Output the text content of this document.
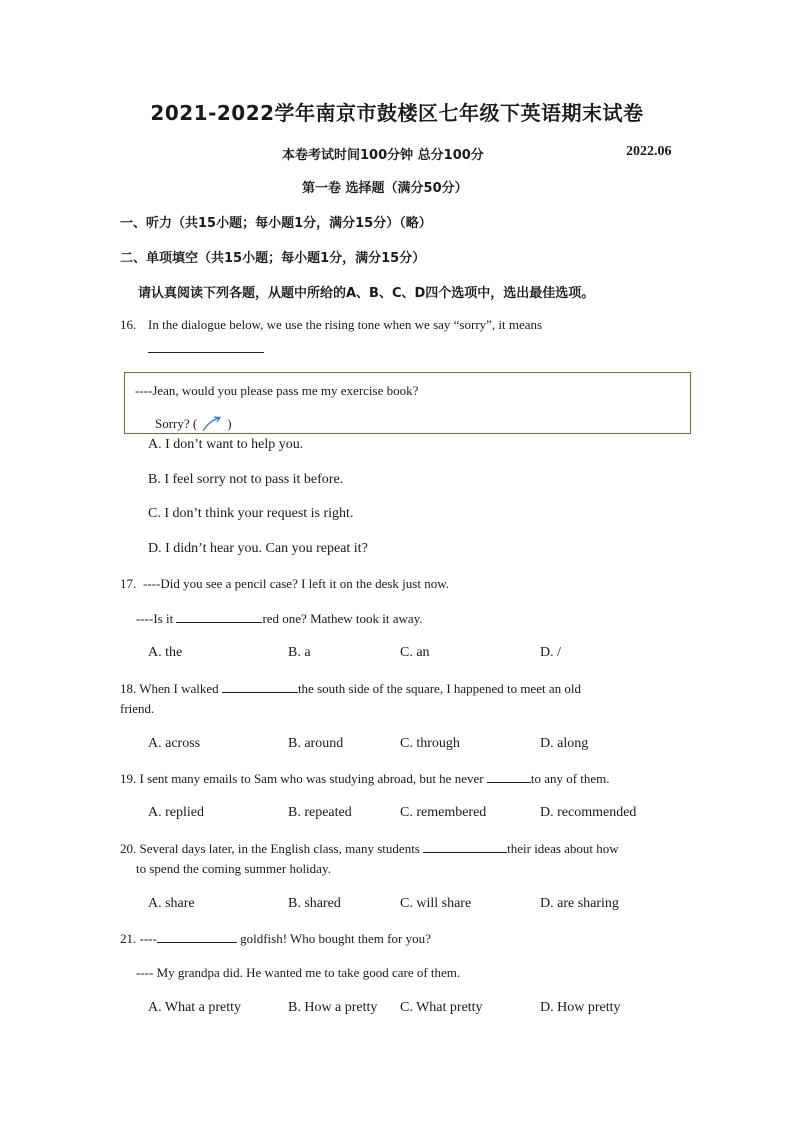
2021-2022学年南京市鼓楼区七年级下英语期末试卷
本卷考试时间100分钟 总分100分	2022.06
第一卷 选择题（满分50分）
一、听力（共15小题；每小题1分，满分15分）（略）
二、单项填空（共15小题；每小题1分，满分15分）
请认真阅读下列各题，从题中所给的A、B、C、D四个选项中，选出最佳选项。
16. In the dialogue below, we use the rising tone when we say “sorry”, it means
----Jean, would you please pass me my exercise book?
Sorry? ( )
A. I don’t want to help you.
B. I feel sorry not to pass it before.
C. I don’t think your request is right.
D. I didn’t hear you. Can you repeat it?
17. ----Did you see a pencil case? I left it on the desk just now.
----Is it	red one? Mathew took it away.
A. the	B. a	C. an	D. /
18. When I walked	the south side of the square, I happened to meet an old
friend.
A. across	B. around	C. through	D. along
19. I sent many emails to Sam who was studying abroad, but he never	to any of them.
A. replied	B. repeated	C. remembered	D. recommended
20. Several days later, in the English class, many students	their ideas about how
to spend the coming summer holiday.
A. share	B. shared	C. will share	D. are sharing
21. ----	goldfish! Who bought them for you?
---- My grandpa did. He wanted me to take good care of them.
A. What a pretty	B. How a pretty C. What pretty	D. How pretty
